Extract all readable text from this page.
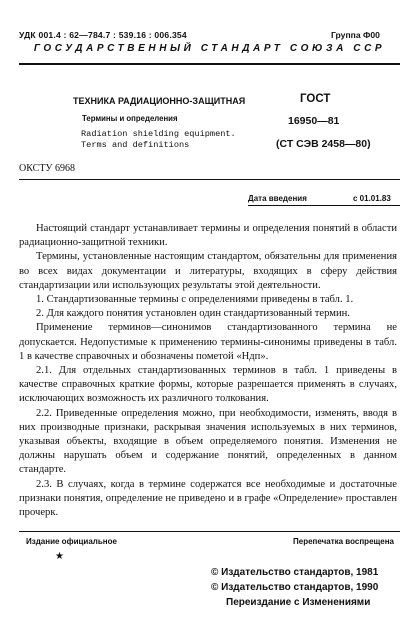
УДК 001.4 : 62—784.7 : 539.16 : 006.354	Группа Ф00
ГОСУДАРСТВЕННЫЙ СТАНДАРТ СОЮЗА ССР
ТЕХНИКА РАДИАЦИОННО-ЗАЩИТНАЯ
Термины и определения
Radiation shielding equipment.
Terms and definitions
ГОСТ
16950—81
(СТ СЭВ 2458—80)
ОКСТУ 6968
Дата введения	с 01.01.83

Настоящий стандарт устанавливает термины и определения понятий в области радиационно-защитной техники.

Термины, установленные настоящим стандартом, обязательны для применения во всех видах документации и литературы, входящих в сферу действия стандартизации или использующих результаты этой деятельности.

1. Стандартизованные термины с определениями приведены в табл. 1.

2. Для каждого понятия установлен один стандартизованный термин.

Применение терминов—синонимов стандартизованного термина не допускается. Недопустимые к применению термины-синонимы приведены в табл. 1 в качестве справочных и обозначены пометой «Ндп».

2.1. Для отдельных стандартизованных терминов в табл. 1 приведены в качестве справочных краткие формы, которые разрешается применять в случаях, исключающих возможность их различного толкования.

2.2. Приведенные определения можно, при необходимости, изменять, вводя в них производные признаки, раскрывая значения используемых в них терминов, указывая объекты, входящие в объем определяемого понятия. Изменения не должны нарушать объем и содержание понятий, определенных в данном стандарте.

2.3. В случаях, когда в термине содержатся все необходимые и достаточные признаки понятия, определение не приведено и в графе «Определение» проставлен прочерк.

Издание официальное	Перепечатка воспрещена
★
© Издательство стандартов, 1981
© Издательство стандартов, 1990
Переиздание с Изменениями
